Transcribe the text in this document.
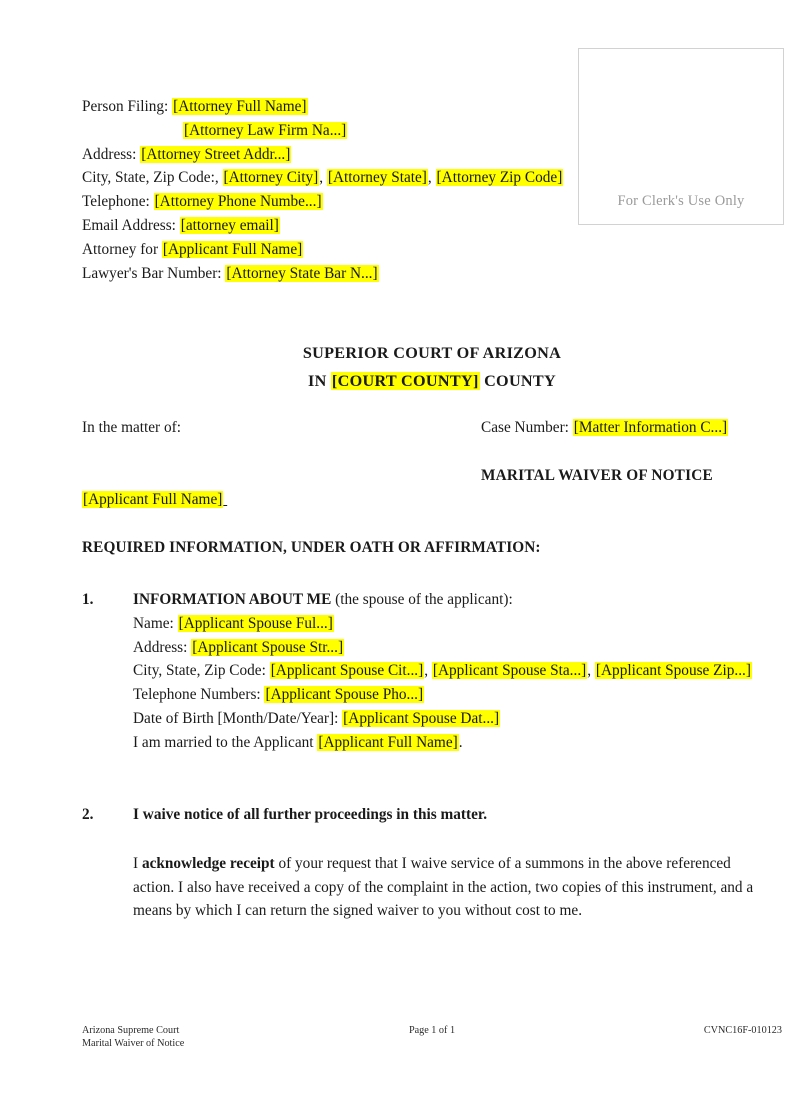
For Clerk's Use Only
Person Filing: [Attorney Full Name]
[Attorney Law Firm Na...]
Address: [Attorney Street Addr...]
City, State, Zip Code:, [Attorney City], [Attorney State], [Attorney Zip Code]
Telephone: [Attorney Phone Numbe...]
Email Address: [attorney email]
Attorney for [Applicant Full Name]
Lawyer's Bar Number: [Attorney State Bar N...]
SUPERIOR COURT OF ARIZONA
IN [COURT COUNTY] COUNTY
In the matter of:	Case Number: [Matter Information C...]
MARITAL WAIVER OF NOTICE
[Applicant Full Name]
REQUIRED INFORMATION, UNDER OATH OR AFFIRMATION:
1.	INFORMATION ABOUT ME (the spouse of the applicant):
Name: [Applicant Spouse Ful...]
Address: [Applicant Spouse Str...]
City, State, Zip Code: [Applicant Spouse Cit...], [Applicant Spouse Sta...], [Applicant Spouse Zip...]
Telephone Numbers: [Applicant Spouse Pho...]
Date of Birth [Month/Date/Year]: [Applicant Spouse Dat...]
I am married to the Applicant [Applicant Full Name].
2.	I waive notice of all further proceedings in this matter.
I acknowledge receipt of your request that I waive service of a summons in the above referenced action. I also have received a copy of the complaint in the action, two copies of this instrument, and a means by which I can return the signed waiver to you without cost to me.
Arizona Supreme Court	Page 1 of 1	CVNC16F-010123
Marital Waiver of Notice
